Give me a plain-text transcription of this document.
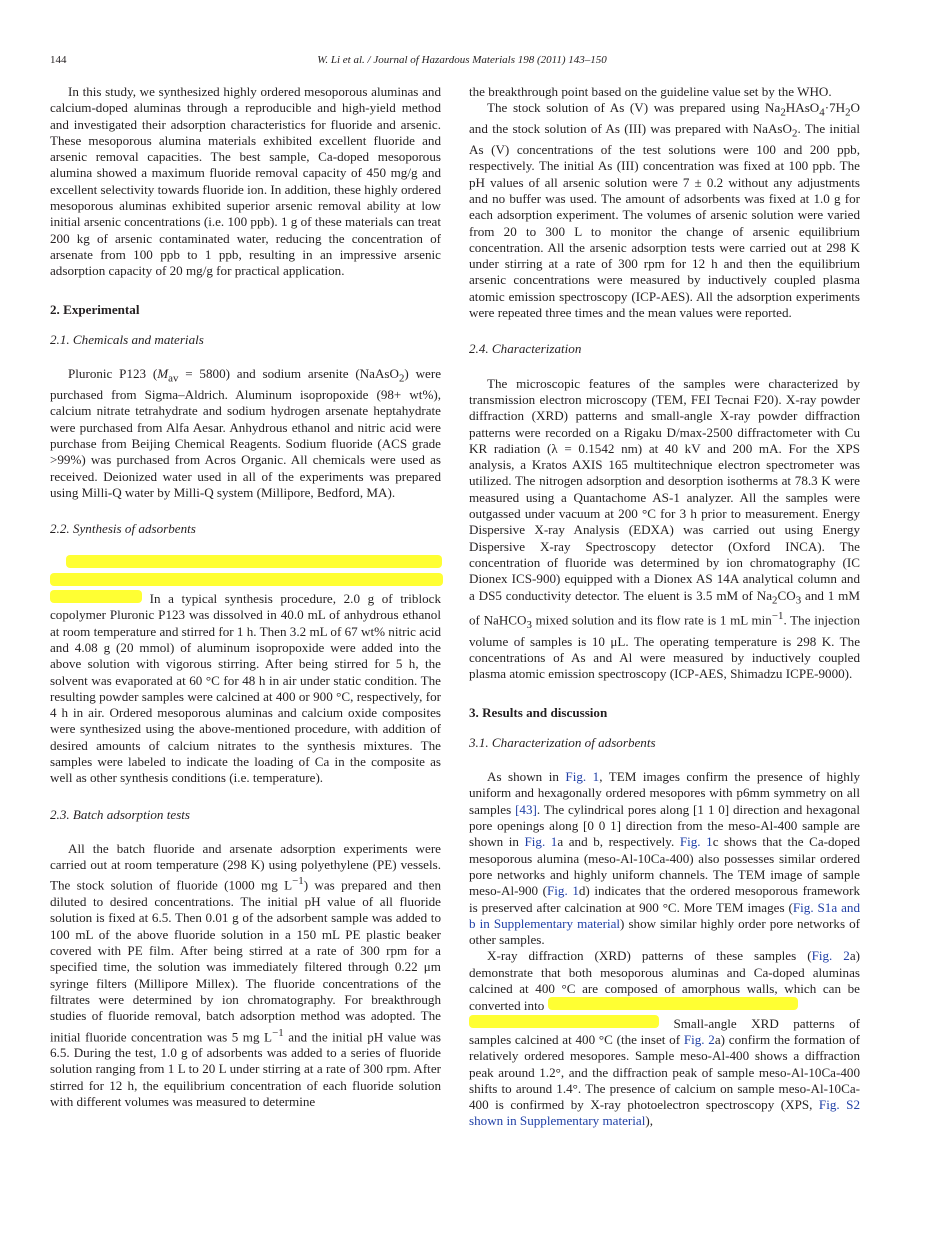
144	W. Li et al. / Journal of Hazardous Materials 198 (2011) 143–150

In this study, we synthesized highly ordered mesoporous aluminas and calcium-doped aluminas through a reproducible and high-yield method and investigated their adsorption characteristics for fluoride and arsenic. These mesoporous alumina materials exhibited excellent fluoride and arsenic removal capacities. The best sample, Ca-doped mesoporous alumina showed a maximum fluoride removal capacity of 450 mg/g and excellent selectivity towards fluoride ion. In addition, these highly ordered mesoporous aluminas exhibited superior arsenic removal ability at low initial arsenic concentrations (i.e. 100 ppb). 1 g of these materials can treat 200 kg of arsenic contaminated water, reducing the concentration of arsenate from 100 ppb to 1 ppb, resulting in an impressive arsenic adsorption capacity of 20 mg/g for practical application.

2. Experimental
2.1. Chemicals and materials

Pluronic P123 $(M_{av} = 5800)$ and sodium arsenite (NaAsO$_2$) were purchased from Sigma–Aldrich. Aluminum isopropoxide (98+ wt%), calcium nitrate tetrahydrate and sodium hydrogen arsenate heptahydrate were purchased from Alfa Aesar. Anhydrous ethanol and nitric acid were purchase from Beijing Chemical Reagents. Sodium fluoride (ACS grade >99%) was purchased from Acros Organic. All chemicals were used as received. Deionized water used in all of the experiments was prepared using Milli-Q water by Milli-Q system (Millipore, Bedford, MA).

2.2. Synthesis of adsorbents

In a typical synthesis procedure, 2.0 g of triblock copolymer Pluronic P123 was dissolved in 40.0 mL of anhydrous ethanol at room temperature and stirred for 1 h. Then 3.2 mL of 67 wt% nitric acid and 4.08 g (20 mmol) of aluminum isopropoxide were added into the above solution with vigorous stirring. After being stirred for 5 h, the solvent was evaporated at 60 °C for 48 h in air under static condition. The resulting powder samples were calcined at 400 or 900 °C, respectively, for 4 h in air. Ordered mesoporous aluminas and calcium oxide composites were synthesized using the above-mentioned procedure, with addition of desired amounts of calcium nitrates to the synthesis mixtures. The samples were labeled to indicate the loading of Ca in the composite as well as other synthesis conditions (i.e. temperature).

2.3. Batch adsorption tests

All the batch fluoride and arsenate adsorption experiments were carried out at room temperature (298 K) using polyethylene (PE) vessels. The stock solution of fluoride (1000 mg $L^{-1}$) was prepared and then diluted to desired concentrations. The initial pH value of all fluoride solution is fixed at 6.5. Then 0.01 g of the adsorbent sample was added to 100 mL of the above fluoride solution in a 150 mL PE plastic beaker covered with PE film. After being stirred at a rate of 300 rpm for a specified time, the solution was immediately filtered through 0.22 μm syringe filters (Millipore Millex). The fluoride concentrations of the filtrates were determined by ion chromatography. For breakthrough studies of fluoride removal, batch adsorption method was adopted. The initial fluoride concentration was 5 mg $L^{-1}$ and the initial pH value was 6.5. During the test, 1.0 g of adsorbents was added to a series of fluoride solution ranging from 1 L to 20 L under stirring at a rate of 300 rpm. After stirred for 12 h, the equilibrium concentration of each fluoride solution with different volumes was measured to determine

the breakthrough point based on the guideline value set by the WHO.

The stock solution of As (V) was prepared using $Na_2HAsO_4\cdot 7H_2O$ and the stock solution of As (III) was prepared with NaAsO$_2$. The initial As (V) concentrations of the test solutions were 100 and 200 ppb, respectively. The initial As (III) concentration was fixed at 100 ppb. The pH values of all arsenic solution were 7 ± 0.2 without any adjustments and no buffer was used. The amount of adsorbents was fixed at 1.0 g for each adsorption experiment. The volumes of arsenic solution were varied from 20 to 300 L to monitor the change of arsenic equilibrium concentration. All the arsenic adsorption tests were carried out at 298 K under stirring at a rate of 300 rpm for 12 h and then the equilibrium arsenic concentrations were measured by inductively coupled plasma atomic emission spectroscopy (ICP-AES). All the adsorption experiments were repeated three times and the mean values were reported.

2.4. Characterization

The microscopic features of the samples were characterized by transmission electron microscopy (TEM, FEI Tecnai F20). X-ray powder diffraction (XRD) patterns and small-angle X-ray powder diffraction patterns were recorded on a Rigaku D/max-2500 diffractometer with Cu KR radiation (λ = 0.1542 nm) at 40 kV and 200 mA. For the XPS analysis, a Kratos AXIS 165 multitechnique electron spectrometer was utilized. The nitrogen adsorption and desorption isotherms at 78.3 K were measured using a Quantachome AS-1 analyzer. All the samples were outgassed under vacuum at 200 °C for 3 h prior to measurement. Energy Dispersive X-ray Analysis (EDXA) was carried out using Energy Dispersive X-ray Spectroscopy detector (Oxford INCA). The concentration of fluoride was determined by ion chromatography (IC Dionex ICS-900) equipped with a Dionex AS 14A analytical column and a DS5 conductivity detector. The eluent is 3.5 mM of $Na_2CO_3$ and 1 mM of NaHCO$_3$ mixed solution and its flow rate is 1 mL $\min^{-1}$. The injection volume of samples is 10 μL. The operating temperature is 298 K. The concentrations of As and Al were measured by inductively coupled plasma atomic emission spectroscopy (ICP-AES, Shimadzu ICPE-9000).

3. Results and discussion
3.1. Characterization of adsorbents

As shown in Fig. 1, TEM images confirm the presence of highly uniform and hexagonally ordered mesopores with p6mm symmetry on all samples [43]. The cylindrical pores along [1 1 0] direction and hexagonal pore openings along [0 0 1] direction from the meso-Al-400 sample are shown in Fig. 1a and b, respectively. Fig. 1c shows that the Ca-doped mesoporous alumina (meso-Al-10Ca-400) also possesses similar ordered pore networks and highly uniform channels. The TEM image of sample meso-Al-900 (Fig. 1d) indicates that the ordered mesoporous framework is preserved after calcination at 900 °C. More TEM images (Fig. S1a and b in Supplementary material) show similar highly order pore networks of other samples.

X-ray diffraction (XRD) patterns of these samples (Fig. 2a) demonstrate that both mesoporous aluminas and Ca-doped aluminas calcined at 400 °C are composed of amorphous walls, which can be converted into
Small-angle XRD patterns of samples calcined at 400 °C (the inset of Fig. 2a) confirm the formation of relatively ordered mesopores. Sample meso-Al-400 shows a diffraction peak around 1.2°, and the diffraction peak of sample meso-Al-10Ca-400 shifts to around 1.4°. The presence of calcium on sample meso-Al-10Ca-400 is confirmed by X-ray photoelectron spectroscopy (XPS, Fig. S2 shown in Supplementary material),
